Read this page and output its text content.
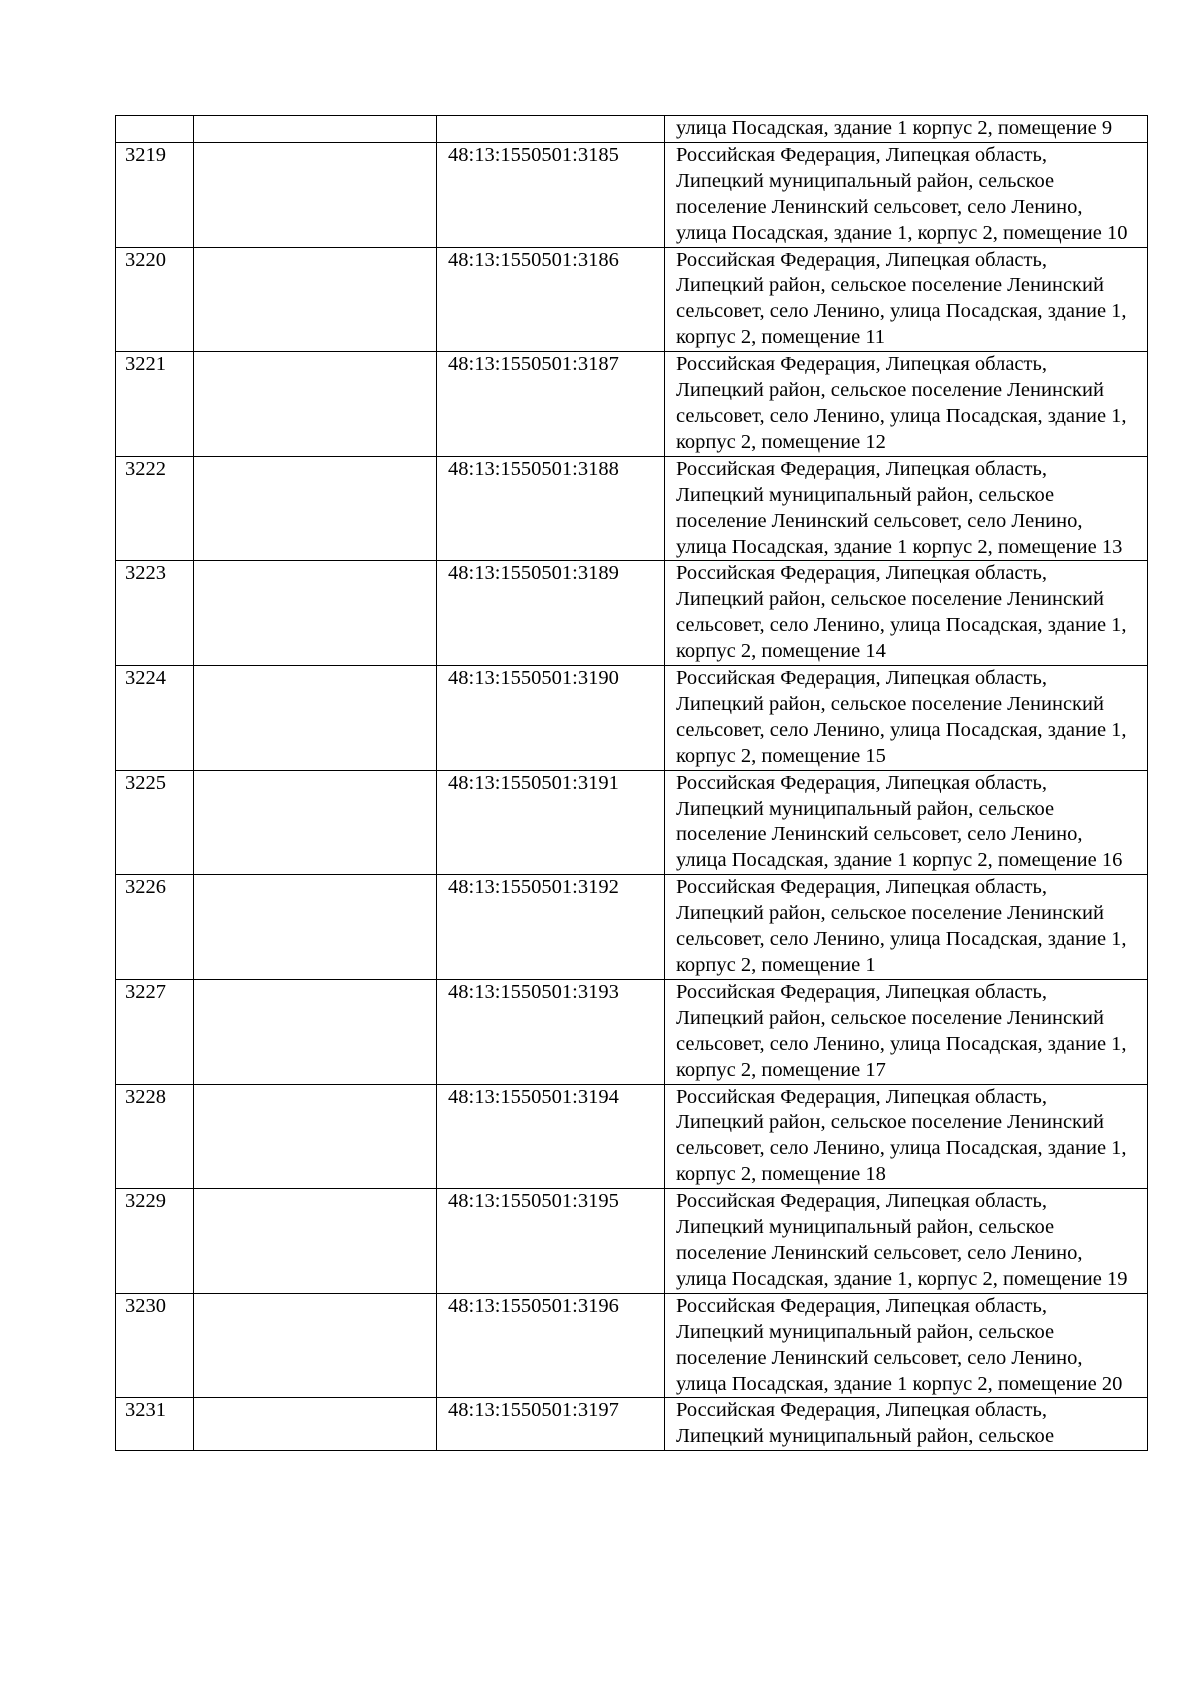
			улица Посадская, здание 1 корпус 2, помещение 9
3219		48:13:1550501:3185	Российская Федерация, Липецкая область, Липецкий муниципальный район, сельское поселение Ленинский сельсовет, село Ленино, улица Посадская, здание 1, корпус 2, помещение 10
3220		48:13:1550501:3186	Российская Федерация, Липецкая область, Липецкий район, сельское поселение Ленинский сельсовет, село Ленино, улица Посадская, здание 1, корпус 2, помещение 11
3221		48:13:1550501:3187	Российская Федерация, Липецкая область, Липецкий район, сельское поселение Ленинский сельсовет, село Ленино, улица Посадская, здание 1, корпус 2, помещение 12
3222		48:13:1550501:3188	Российская Федерация, Липецкая область, Липецкий муниципальный район, сельское поселение Ленинский сельсовет, село Ленино, улица Посадская, здание 1 корпус 2, помещение 13
3223		48:13:1550501:3189	Российская Федерация, Липецкая область, Липецкий район, сельское поселение Ленинский сельсовет, село Ленино, улица Посадская, здание 1, корпус 2, помещение 14
3224		48:13:1550501:3190	Российская Федерация, Липецкая область, Липецкий район, сельское поселение Ленинский сельсовет, село Ленино, улица Посадская, здание 1, корпус 2, помещение 15
3225		48:13:1550501:3191	Российская Федерация, Липецкая область, Липецкий муниципальный район, сельское поселение Ленинский сельсовет, село Ленино, улица Посадская, здание 1 корпус 2, помещение 16
3226		48:13:1550501:3192	Российская Федерация, Липецкая область, Липецкий район, сельское поселение Ленинский сельсовет, село Ленино, улица Посадская, здание 1, корпус 2, помещение 1
3227		48:13:1550501:3193	Российская Федерация, Липецкая область, Липецкий район, сельское поселение Ленинский сельсовет, село Ленино, улица Посадская, здание 1, корпус 2, помещение 17
3228		48:13:1550501:3194	Российская Федерация, Липецкая область, Липецкий район, сельское поселение Ленинский сельсовет, село Ленино, улица Посадская, здание 1, корпус 2, помещение 18
3229		48:13:1550501:3195	Российская Федерация, Липецкая область, Липецкий муниципальный район, сельское поселение Ленинский сельсовет, село Ленино, улица Посадская, здание 1, корпус 2, помещение 19
3230		48:13:1550501:3196	Российская Федерация, Липецкая область, Липецкий муниципальный район, сельское поселение Ленинский сельсовет, село Ленино, улица Посадская, здание 1 корпус 2, помещение 20
3231		48:13:1550501:3197	Российская Федерация, Липецкая область, Липецкий муниципальный район, сельское
